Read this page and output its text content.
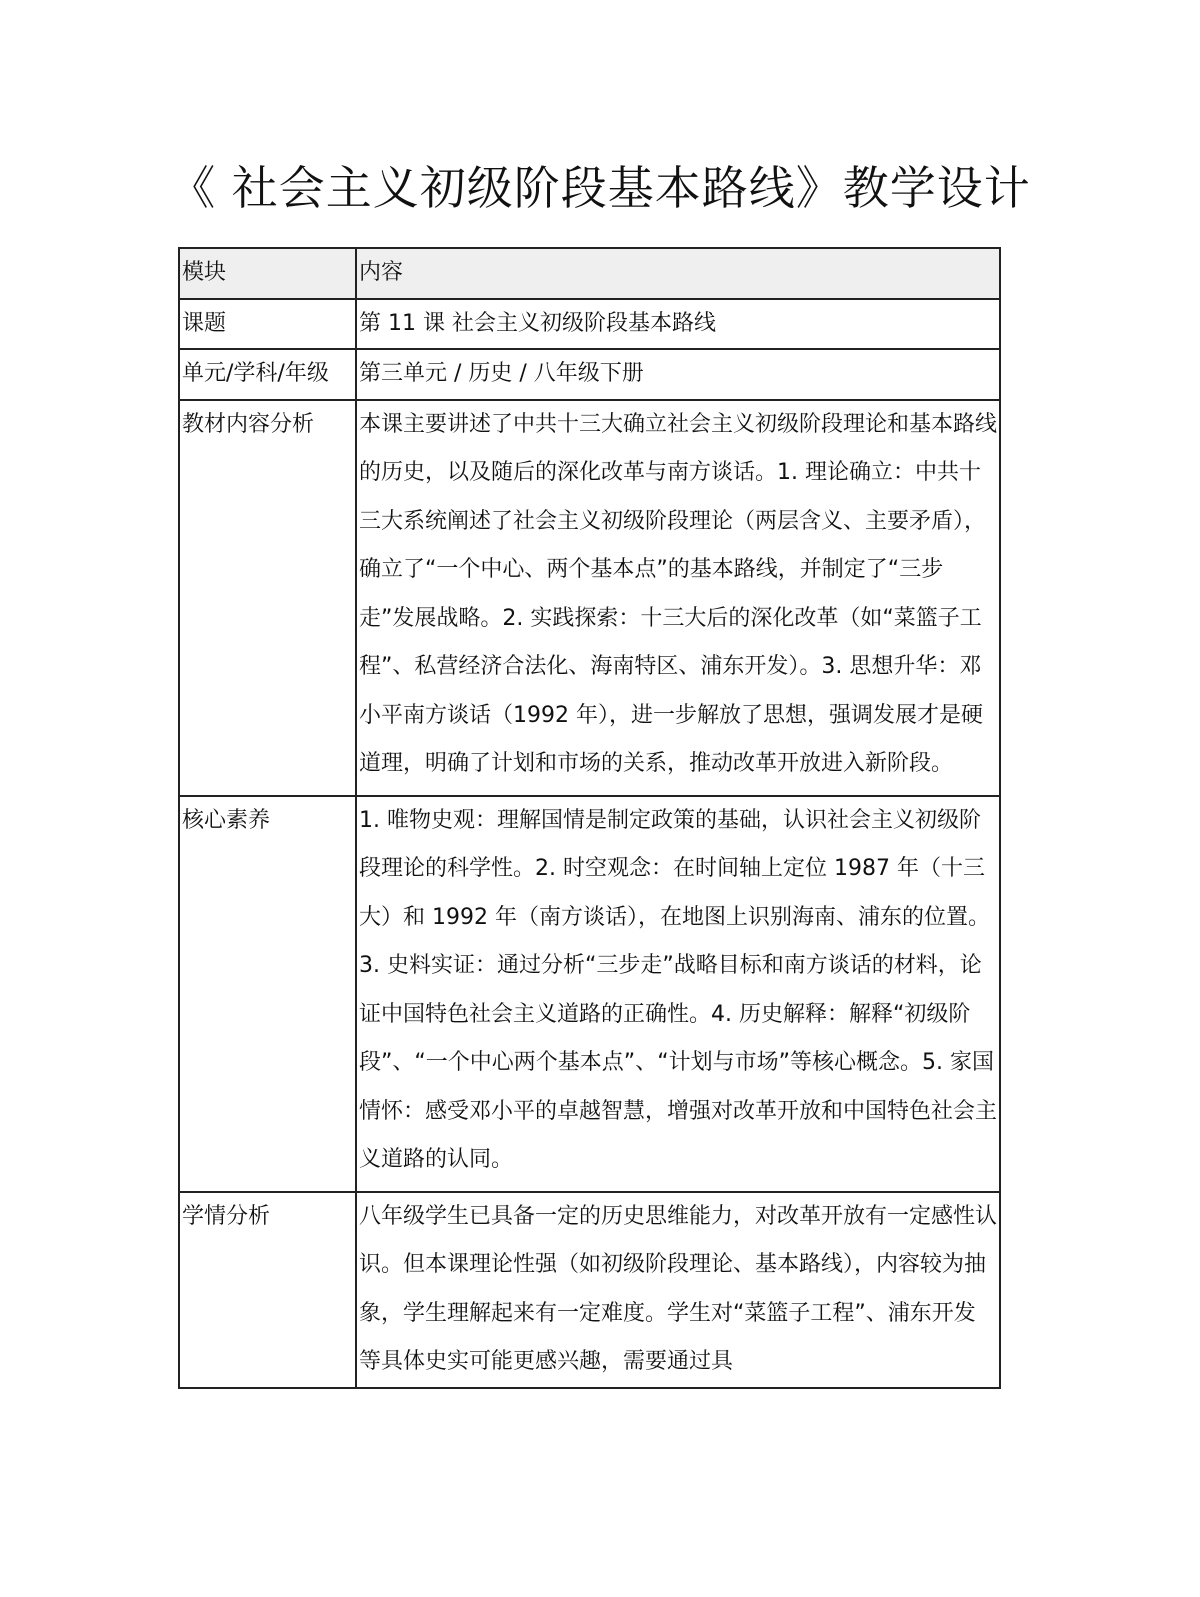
《 社会主义初级阶段基本路线》教学设计
模块	内容
课题	第 11 课 社会主义初级阶段基本路线
单元/学科/年级	第三单元 / 历史 / 八年级下册
教材内容分析	本课主要讲述了中共十三大确立社会主义初级阶段理论和基本路线的历史，以及随后的深化改革与南方谈话。1. 理论确立：中共十三大系统阐述了社会主义初级阶段理论（两层含义、主要矛盾），确立了“一个中心、两个基本点”的基本路线，并制定了“三步走”发展战略。2. 实践探索：十三大后的深化改革（如“菜篮子工程”、私营经济合法化、海南特区、浦东开发）。3. 思想升华：邓小平南方谈话（1992 年），进一步解放了思想，强调发展才是硬道理，明确了计划和市场的关系，推动改革开放进入新阶段。
核心素养	1. 唯物史观：理解国情是制定政策的基础，认识社会主义初级阶段理论的科学性。2. 时空观念：在时间轴上定位 1987 年（十三大）和 1992 年（南方谈话），在地图上识别海南、浦东的位置。3. 史料实证：通过分析“三步走”战略目标和南方谈话的材料，论证中国特色社会主义道路的正确性。4. 历史解释：解释“初级阶段”、“一个中心两个基本点”、“计划与市场”等核心概念。5. 家国情怀：感受邓小平的卓越智慧，增强对改革开放和中国特色社会主义道路的认同。
学情分析	八年级学生已具备一定的历史思维能力，对改革开放有一定感性认识。但本课理论性强（如初级阶段理论、基本路线），内容较为抽象，学生理解起来有一定难度。学生对“菜篮子工程”、浦东开发等具体史实可能更感兴趣，需要通过具
